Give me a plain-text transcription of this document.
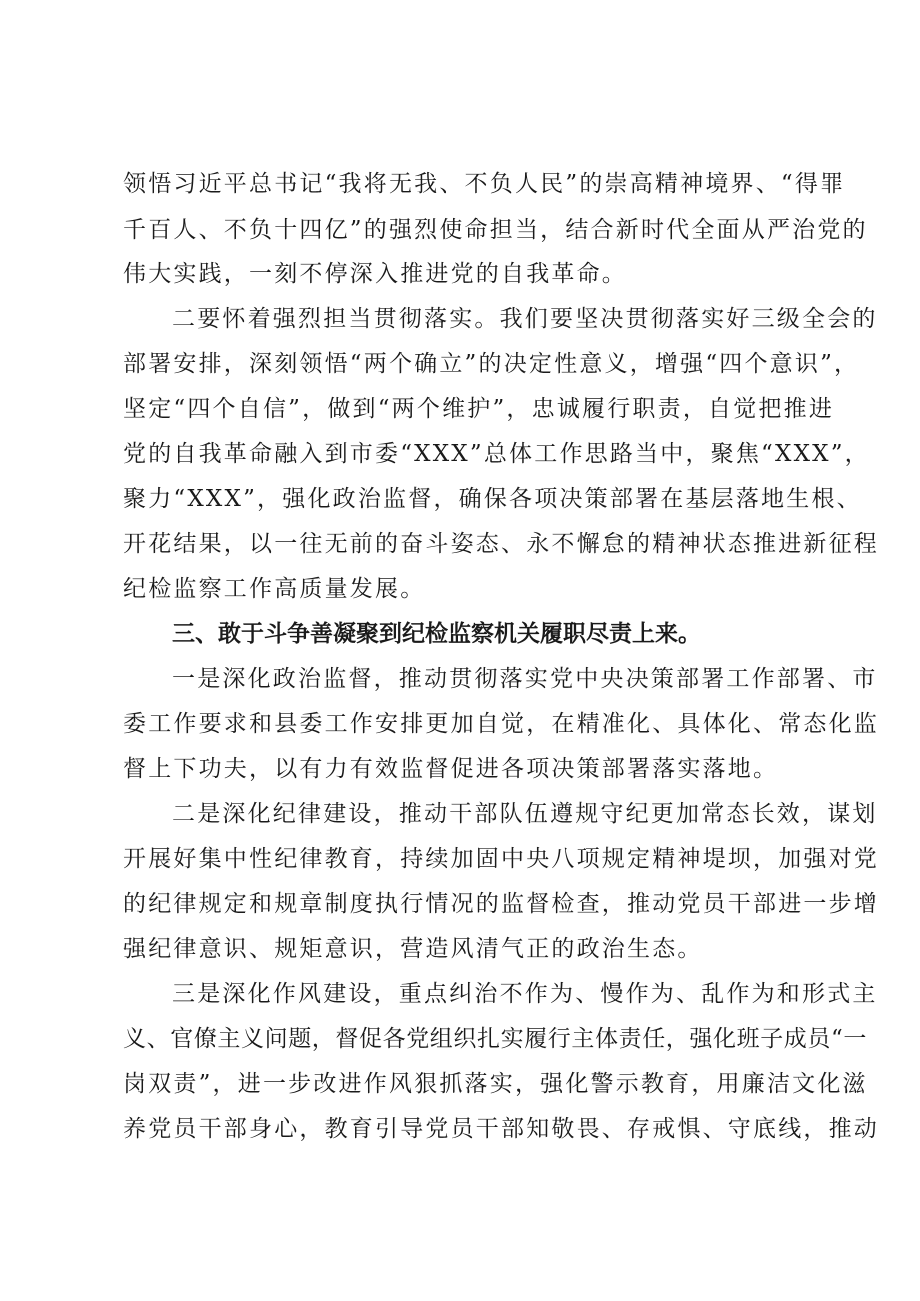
领悟习近平总书记“我将无我、不负人民”的崇高精神境界、“得罪
千百人、不负十四亿”的强烈使命担当，结合新时代全面从严治党的
伟大实践，一刻不停深入推进党的自我革命。
二要怀着强烈担当贯彻落实。我们要坚决贯彻落实好三级全会的
部署安排，深刻领悟“两个确立”的决定性意义，增强“四个意识”，
坚定“四个自信”，做到“两个维护”，忠诚履行职责，自觉把推进
党的自我革命融入到市委“XXX”总体工作思路当中，聚焦“XXX”，
聚力“XXX”，强化政治监督，确保各项决策部署在基层落地生根、
开花结果，以一往无前的奋斗姿态、永不懈怠的精神状态推进新征程
纪检监察工作高质量发展。
三、敢于斗争善凝聚到纪检监察机关履职尽责上来。
一是深化政治监督，推动贯彻落实党中央决策部署工作部署、市
委工作要求和县委工作安排更加自觉，在精准化、具体化、常态化监
督上下功夫，以有力有效监督促进各项决策部署落实落地。
二是深化纪律建设，推动干部队伍遵规守纪更加常态长效，谋划
开展好集中性纪律教育，持续加固中央八项规定精神堤坝，加强对党
的纪律规定和规章制度执行情况的监督检查，推动党员干部进一步增
强纪律意识、规矩意识，营造风清气正的政治生态。
三是深化作风建设，重点纠治不作为、慢作为、乱作为和形式主
义、官僚主义问题，督促各党组织扎实履行主体责任，强化班子成员“一
岗双责”，进一步改进作风狠抓落实，强化警示教育，用廉洁文化滋
养党员干部身心，教育引导党员干部知敬畏、存戒惧、守底线，推动
